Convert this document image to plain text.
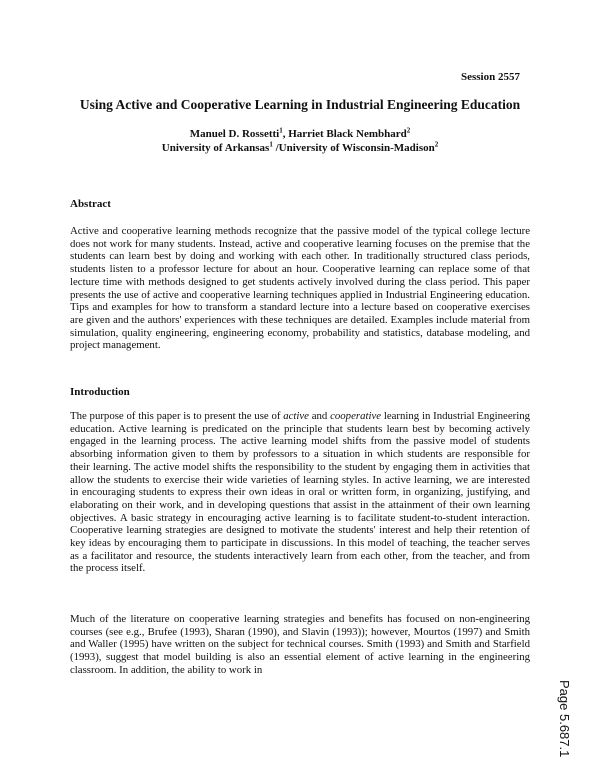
Session 2557
Using Active and Cooperative Learning in Industrial Engineering Education
Manuel D. Rossetti$^1$, Harriet Black Nembhard$^2$
University of Arkansas$^1$ /University of Wisconsin-Madison$^2$
Abstract

Active and cooperative learning methods recognize that the passive model of the typical college lecture does not work for many students. Instead, active and cooperative learning focuses on the premise that the students can learn best by doing and working with each other. In traditionally structured class periods, students listen to a professor lecture for about an hour. Cooperative learning can replace some of that lecture time with methods designed to get students actively involved during the class period. This paper presents the use of active and cooperative learning techniques applied in Industrial Engineering education. Tips and examples for how to transform a standard lecture into a lecture based on cooperative exercises are given and the authors' experiences with these techniques are detailed. Examples include material from simulation, quality engineering, engineering economy, probability and statistics, database modeling, and project management.

Introduction

The purpose of this paper is to present the use of active and cooperative learning in Industrial Engineering education. Active learning is predicated on the principle that students learn best by becoming actively engaged in the learning process. The active learning model shifts from the passive model of students absorbing information given to them by professors to a situation in which students are responsible for their learning. The active model shifts the responsibility to the student by engaging them in activities that allow the students to exercise their wide varieties of learning styles. In active learning, we are interested in encouraging students to express their own ideas in oral or written form, in organizing, justifying, and elaborating on their work, and in developing questions that assist in the attainment of their own learning objectives. A basic strategy in encouraging active learning is to facilitate student-to-student interaction. Cooperative learning strategies are designed to motivate the students' interest and help their retention of key ideas by encouraging them to participate in discussions. In this model of teaching, the teacher serves as a facilitator and resource, the students interactively learn from each other, from the teacher, and from the process itself.

Much of the literature on cooperative learning strategies and benefits has focused on non-engineering courses (see e.g., Brufee (1993), Sharan (1990), and Slavin (1993)); however, Mourtos (1997) and Smith and Waller (1995) have written on the subject for technical courses. Smith (1993) and Smith and Starfield (1993), suggest that model building is also an essential element of active learning in the engineering classroom. In addition, the ability to work in

Page 5.687.1
